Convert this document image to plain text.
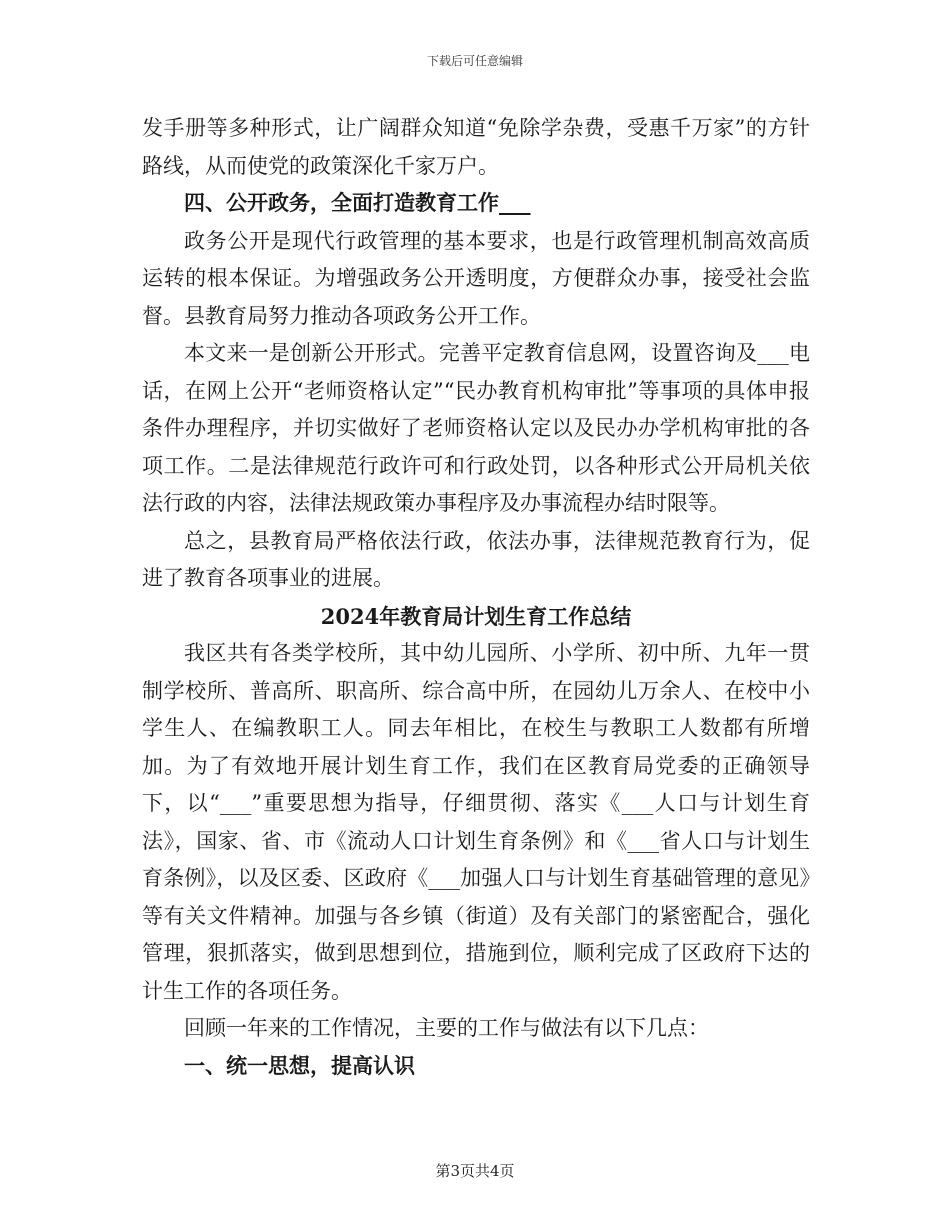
下载后可任意编辑

发手册等多种形式，让广阔群众知道“免除学杂费，受惠千万家”的方针路线，从而使党的政策深化千家万户。

四、公开政务，全面打造教育工作___

政务公开是现代行政管理的基本要求，也是行政管理机制高效高质运转的根本保证。为增强政务公开透明度，方便群众办事，接受社会监督。县教育局努力推动各项政务公开工作。

本文来一是创新公开形式。完善平定教育信息网，设置咨询及___电话，在网上公开“老师资格认定”“民办教育机构审批”等事项的具体申报条件办理程序，并切实做好了老师资格认定以及民办办学机构审批的各项工作。二是法律规范行政许可和行政处罚，以各种形式公开局机关依法行政的内容，法律法规政策办事程序及办事流程办结时限等。

总之，县教育局严格依法行政，依法办事，法律规范教育行为，促进了教育各项事业的进展。

2024年教育局计划生育工作总结

我区共有各类学校所，其中幼儿园所、小学所、初中所、九年一贯制学校所、普高所、职高所、综合高中所，在园幼儿万余人、在校中小学生人、在编教职工人。同去年相比，在校生与教职工人数都有所增加。为了有效地开展计划生育工作，我们在区教育局党委的正确领导下，以“___”重要思想为指导，仔细贯彻、落实《___人口与计划生育法》，国家、省、市《流动人口计划生育条例》和《___省人口与计划生育条例》，以及区委、区政府《___加强人口与计划生育基础管理的意见》等有关文件精神。加强与各乡镇（街道）及有关部门的紧密配合，强化管理，狠抓落实，做到思想到位，措施到位，顺利完成了区政府下达的计生工作的各项任务。

回顾一年来的工作情况，主要的工作与做法有以下几点：

一、统一思想，提高认识

第3页共4页
